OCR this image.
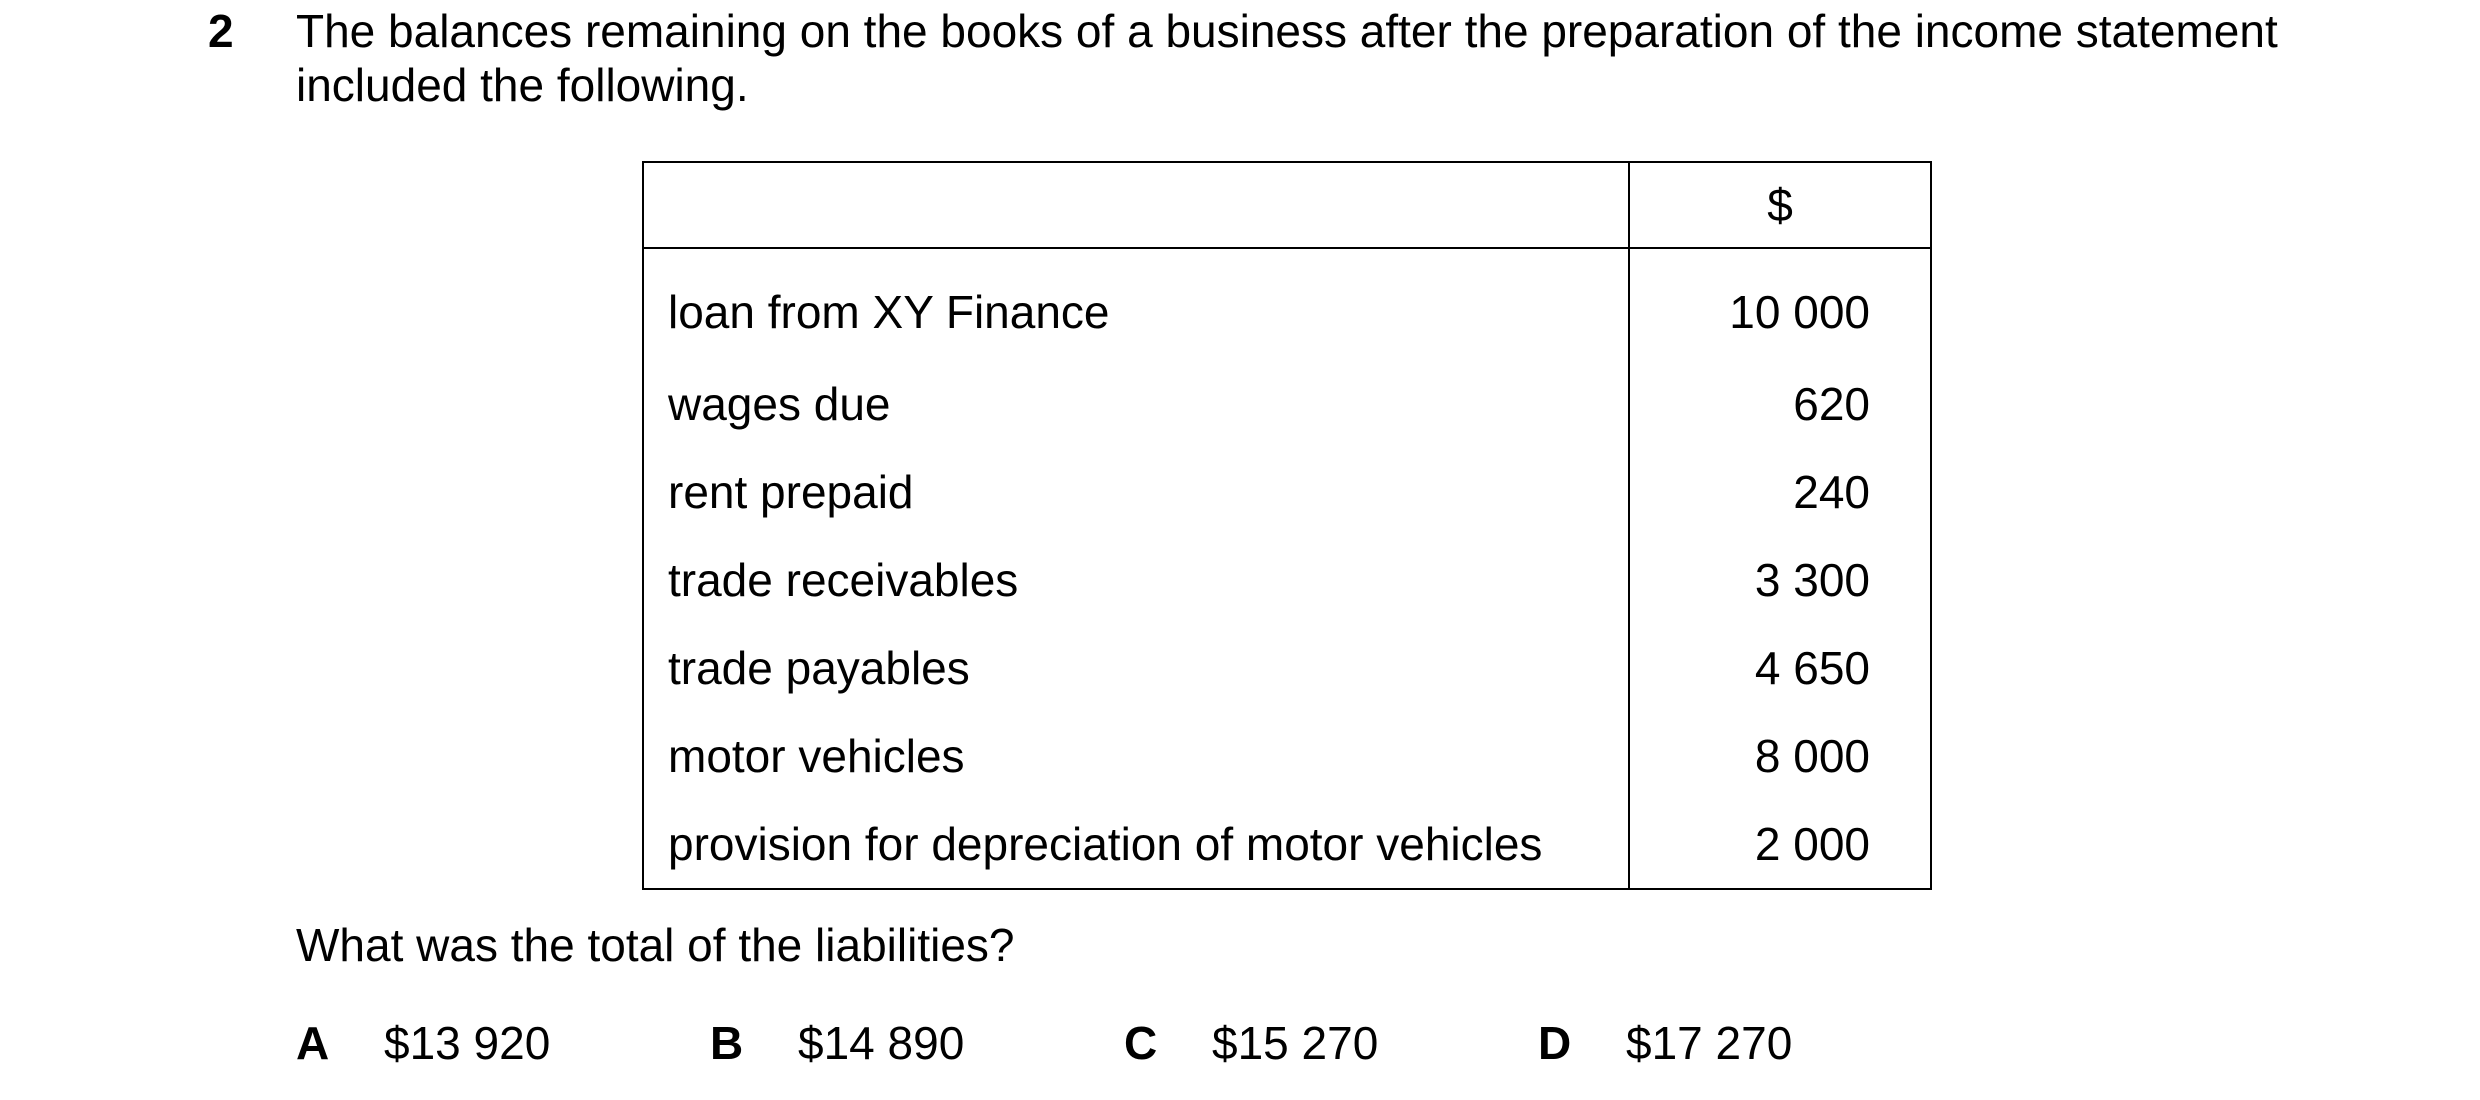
2 The balances remaining on the books of a business after the preparation of the income statement included the following.

	$
loan from XY Finance	10 000
wages due	620
rent prepaid	240
trade receivables	3 300
trade payables	4 650
motor vehicles	8 000
provision for depreciation of motor vehicles	2 000
What was the total of the liabilities?
A $13 920	B $14 890	C $15 270	D $17 270
